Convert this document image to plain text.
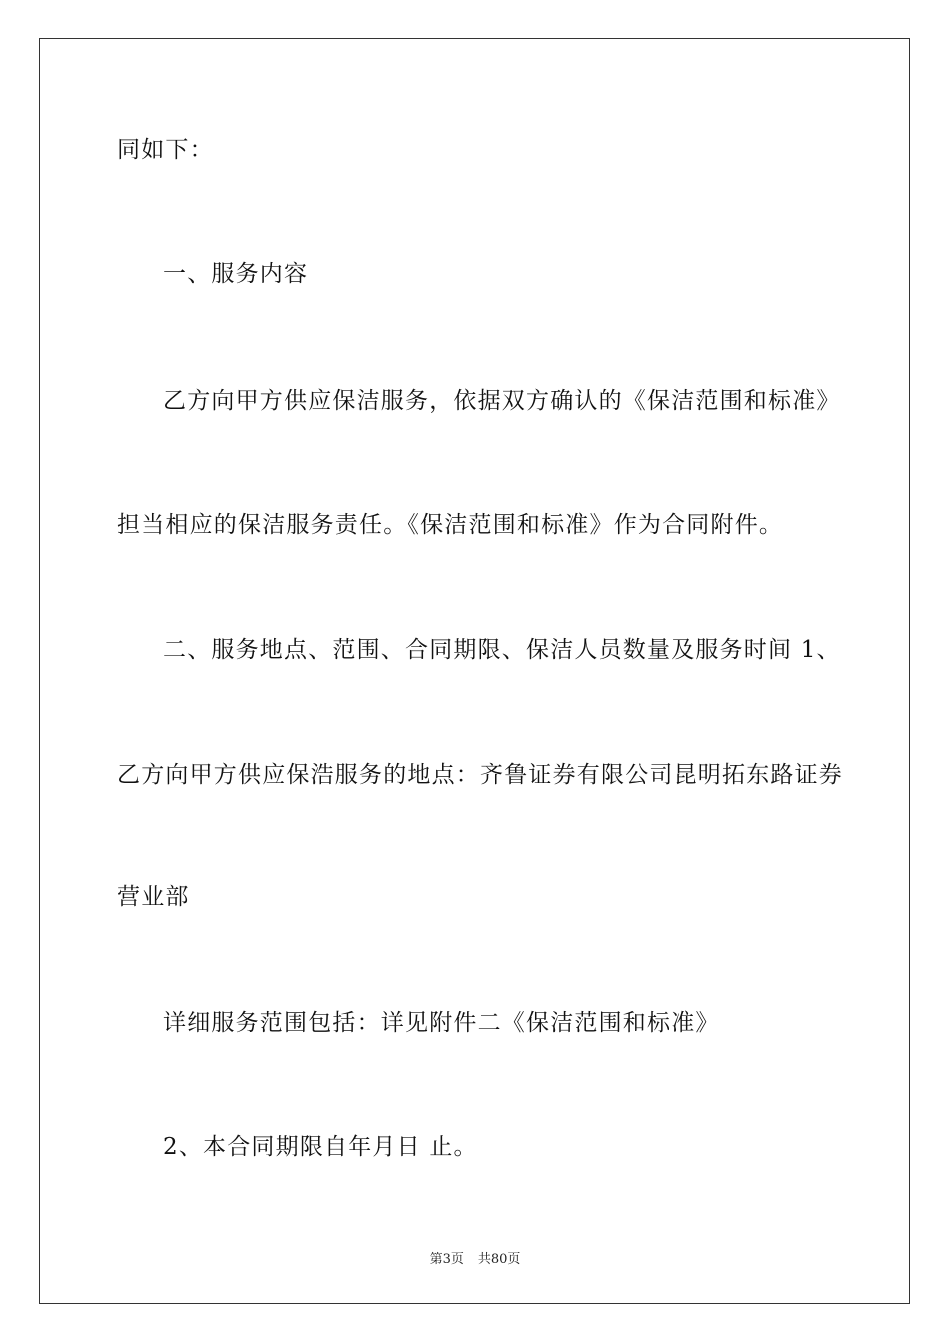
同如下：
一、服务内容
乙方向甲方供应保洁服务，依据双方确认的《保洁范围和标准》
担当相应的保洁服务责任。《保洁范围和标准》作为合同附件。
二、服务地点、范围、合同期限、保洁人员数量及服务时间 1、
乙方向甲方供应保浩服务的地点：齐鲁证券有限公司昆明拓东路证券
营业部
详细服务范围包括：详见附件二《保洁范围和标准》
2、本合同期限自年月日 止。
第3页 共80页
